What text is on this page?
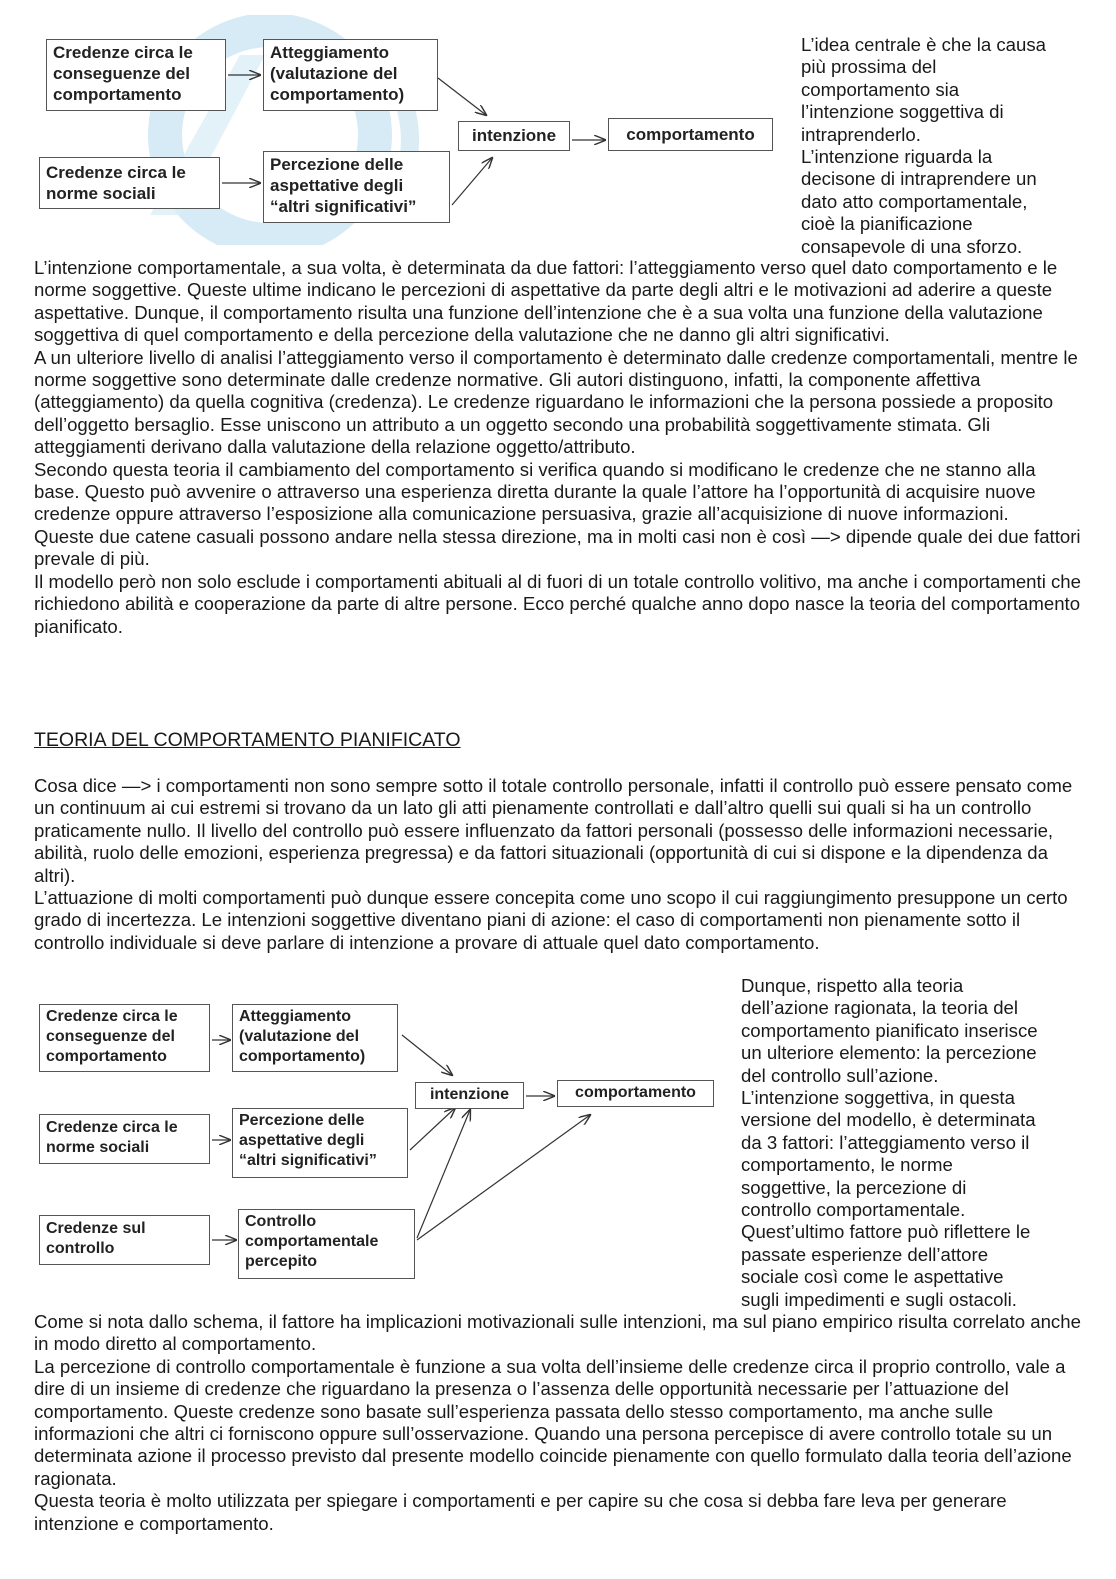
Credenze circa le
conseguenze del
comportamento
Atteggiamento
(valutazione del
comportamento)
intenzione	comportamento
Credenze circa le
norme sociali
Percezione delle
aspettative degli
“altri significativi”

L’idea centrale è che la causa

più prossima del

comportamento sia

l’intenzione soggettiva di

intraprenderlo.

L’intenzione riguarda la

decisone di intraprendere un

dato atto comportamentale,

cioè la pianificazione

consapevole di una sforzo.

L’intenzione comportamentale, a sua volta, è determinata da due fattori: l’atteggiamento verso quel dato comportamento e le norme soggettive. Queste ultime indicano le percezioni di aspettative da parte degli altri e le motivazioni ad aderire a queste aspettative. Dunque, il comportamento risulta una funzione dell’intenzione che è a sua volta una funzione della valutazione soggettiva di quel comportamento e della percezione della valutazione che ne danno gli altri significativi.

A un ulteriore livello di analisi l’atteggiamento verso il comportamento è determinato dalle credenze comportamentali, mentre le norme soggettive sono determinate dalle credenze normative. Gli autori distinguono, infatti, la componente affettiva (atteggiamento) da quella cognitiva (credenza). Le credenze riguardano le informazioni che la persona possiede a proposito dell’oggetto bersaglio. Esse uniscono un attributo a un oggetto secondo una probabilità soggettivamente stimata. Gli atteggiamenti derivano dalla valutazione della relazione oggetto/attributo.

Secondo questa teoria il cambiamento del comportamento si verifica quando si modificano le credenze che ne stanno alla base. Questo può avvenire o attraverso una esperienza diretta durante la quale l’attore ha l’opportunità di acquisire nuove credenze oppure attraverso l’esposizione alla comunicazione persuasiva, grazie all’acquisizione di nuove informazioni.

Queste due catene casuali possono andare nella stessa direzione, ma in molti casi non è così —> dipende quale dei due fattori prevale di più.

Il modello però non solo esclude i comportamenti abituali al di fuori di un totale controllo volitivo, ma anche i comportamenti che richiedono abilità e cooperazione da parte di altre persone. Ecco perché qualche anno dopo nasce la teoria del comportamento pianificato.

TEORIA DEL COMPORTAMENTO PIANIFICATO

Cosa dice —> i comportamenti non sono sempre sotto il totale controllo personale, infatti il controllo può essere pensato come un continuum ai cui estremi si trovano da un lato gli atti pienamente controllati e dall’altro quelli sui quali si ha un controllo praticamente nullo. Il livello del controllo può essere influenzato da fattori personali (possesso delle informazioni necessarie, abilità, ruolo delle emozioni, esperienza pregressa) e da fattori situazionali (opportunità di cui si dispone e la dipendenza da altri).

L’attuazione di molti comportamenti può dunque essere concepita come uno scopo il cui raggiungimento presuppone un certo grado di incertezza. Le intenzioni soggettive diventano piani di azione: el caso di comportamenti non pienamente sotto il controllo individuale si deve parlare di intenzione a provare di attuale quel dato comportamento.

Credenze circa le
conseguenze del
comportamento
Atteggiamento
(valutazione del
comportamento)
intenzione	comportamento
Credenze circa le
norme sociali
Percezione delle
aspettative degli
“altri significativi”
Credenze sul
controllo
Controllo
comportamentale
percepito

Dunque, rispetto alla teoria

dell’azione ragionata, la teoria del

comportamento pianificato inserisce

un ulteriore elemento: la percezione

del controllo sull’azione.

L’intenzione soggettiva, in questa

versione del modello, è determinata

da 3 fattori: l’atteggiamento verso il

comportamento, le norme

soggettive, la percezione di

controllo comportamentale.

Quest’ultimo fattore può riflettere le

passate esperienze dell’attore

sociale così come le aspettative

sugli impedimenti e sugli ostacoli.

Come si nota dallo schema, il fattore ha implicazioni motivazionali sulle intenzioni, ma sul piano empirico risulta correlato anche in modo diretto al comportamento.

La percezione di controllo comportamentale è funzione a sua volta dell’insieme delle credenze circa il proprio controllo, vale a dire di un insieme di credenze che riguardano la presenza o l’assenza delle opportunità necessarie per l’attuazione del comportamento. Queste credenze sono basate sull’esperienza passata dello stesso comportamento, ma anche sulle informazioni che altri ci forniscono oppure sull’osservazione. Quando una persona percepisce di avere controllo totale su un determinata azione il processo previsto dal presente modello coincide pienamente con quello formulato dalla teoria dell’azione ragionata.

Questa teoria è molto utilizzata per spiegare i comportamenti e per capire su che cosa si debba fare leva per generare intenzione e comportamento.
